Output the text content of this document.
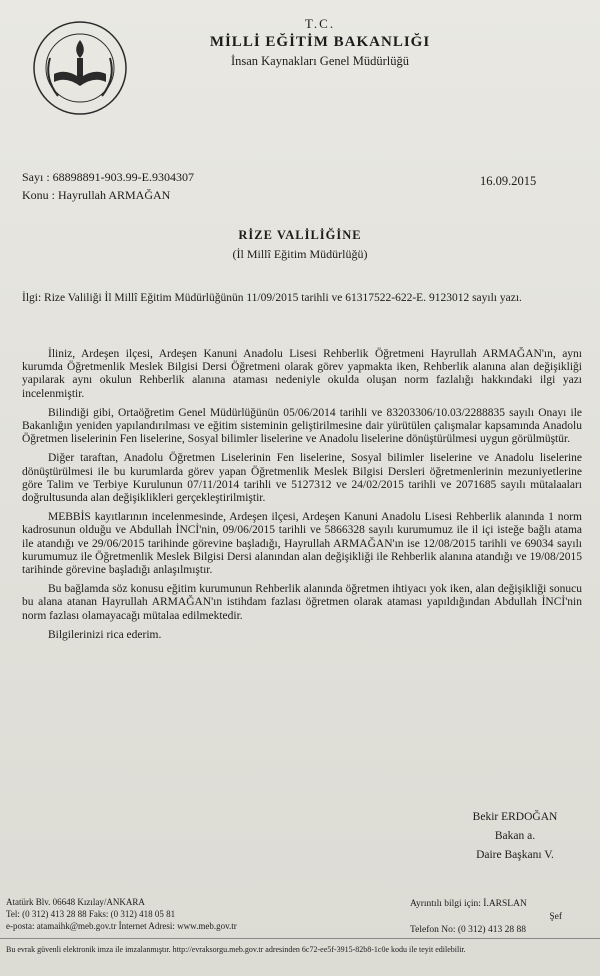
T.C.
MİLLİ EĞİTİM BAKANLIĞI
İnsan Kaynakları Genel Müdürlüğü
Sayı : 68898891-903.99-E.9304307
Konu : Hayrullah ARMAĞAN
16.09.2015
RİZE VALİLİĞİNE
(İl Millî Eğitim Müdürlüğü)
İlgi: Rize Valiliği İl Millî Eğitim Müdürlüğünün 11/09/2015 tarihli ve 61317522-622-E. 9123012 sayılı yazı.

İliniz, Ardeşen ilçesi, Ardeşen Kanuni Anadolu Lisesi Rehberlik Öğretmeni Hayrullah ARMAĞAN'ın, aynı kurumda Öğretmenlik Meslek Bilgisi Dersi Öğretmeni olarak görev yapmakta iken, Rehberlik alanına alan değişikliği yapılarak aynı okulun Rehberlik alanına ataması nedeniyle okulda oluşan norm fazlalığı hakkındaki ilgi yazı incelenmiştir.

Bilindiği gibi, Ortaöğretim Genel Müdürlüğünün 05/06/2014 tarihli ve 83203306/10.03/2288835 sayılı Onayı ile Bakanlığın yeniden yapılandırılması ve eğitim sisteminin geliştirilmesine dair yürütülen çalışmalar kapsamında Anadolu Öğretmen liselerinin Fen liselerine, Sosyal bilimler liselerine ve Anadolu liselerine dönüştürülmesi uygun görülmüştür.

Diğer taraftan, Anadolu Öğretmen Liselerinin Fen liselerine, Sosyal bilimler liselerine ve Anadolu liselerine dönüştürülmesi ile bu kurumlarda görev yapan Öğretmenlik Meslek Bilgisi Dersleri öğretmenlerinin mezuniyetlerine göre Talim ve Terbiye Kurulunun 07/11/2014 tarihli ve 5127312 ve 24/02/2015 tarihli ve 2071685 sayılı mütalaaları doğrultusunda alan değişiklikleri gerçekleştirilmiştir.

MEBBİS kayıtlarının incelenmesinde, Ardeşen ilçesi, Ardeşen Kanuni Anadolu Lisesi Rehberlik alanında 1 norm kadrosunun olduğu ve Abdullah İNCİ'nin, 09/06/2015 tarihli ve 5866328 sayılı kurumumuz ile il içi isteğe bağlı atama ile atandığı ve 29/06/2015 tarihinde görevine başladığı, Hayrullah ARMAĞAN'ın ise 12/08/2015 tarihli ve 69034 sayılı kurumumuz ile Öğretmenlik Meslek Bilgisi Dersi alanından alan değişikliği ile Rehberlik alanına atandığı ve 19/08/2015 tarihinde görevine başladığı anlaşılmıştır.

Bu bağlamda söz konusu eğitim kurumunun Rehberlik alanında öğretmen ihtiyacı yok iken, alan değişikliği sonucu bu alana atanan Hayrullah ARMAĞAN'ın istihdam fazlası öğretmen olarak ataması yapıldığından Abdullah İNCİ'nin norm fazlası olamayacağı mütalaa edilmektedir.

Bilgilerinizi rica ederim.

Bekir ERDOĞAN
Bakan a.
Daire Başkanı V.
Atatürk Blv. 06648 Kızılay/ANKARA
Tel: (0 312) 413 28 88 Faks: (0 312) 418 05 81
e-posta: atamaihk@meb.gov.tr İnternet Adresi: www.meb.gov.tr
Ayrıntılı bilgi için: İ.ARSLAN
Şef
Telefon No: (0 312) 413 28 88
Bu evrak güvenli elektronik imza ile imzalanmıştır. http://evraksorgu.meb.gov.tr adresinden 6c72-ee5f-3915-82b8-1c0e kodu ile teyit edilebilir.
